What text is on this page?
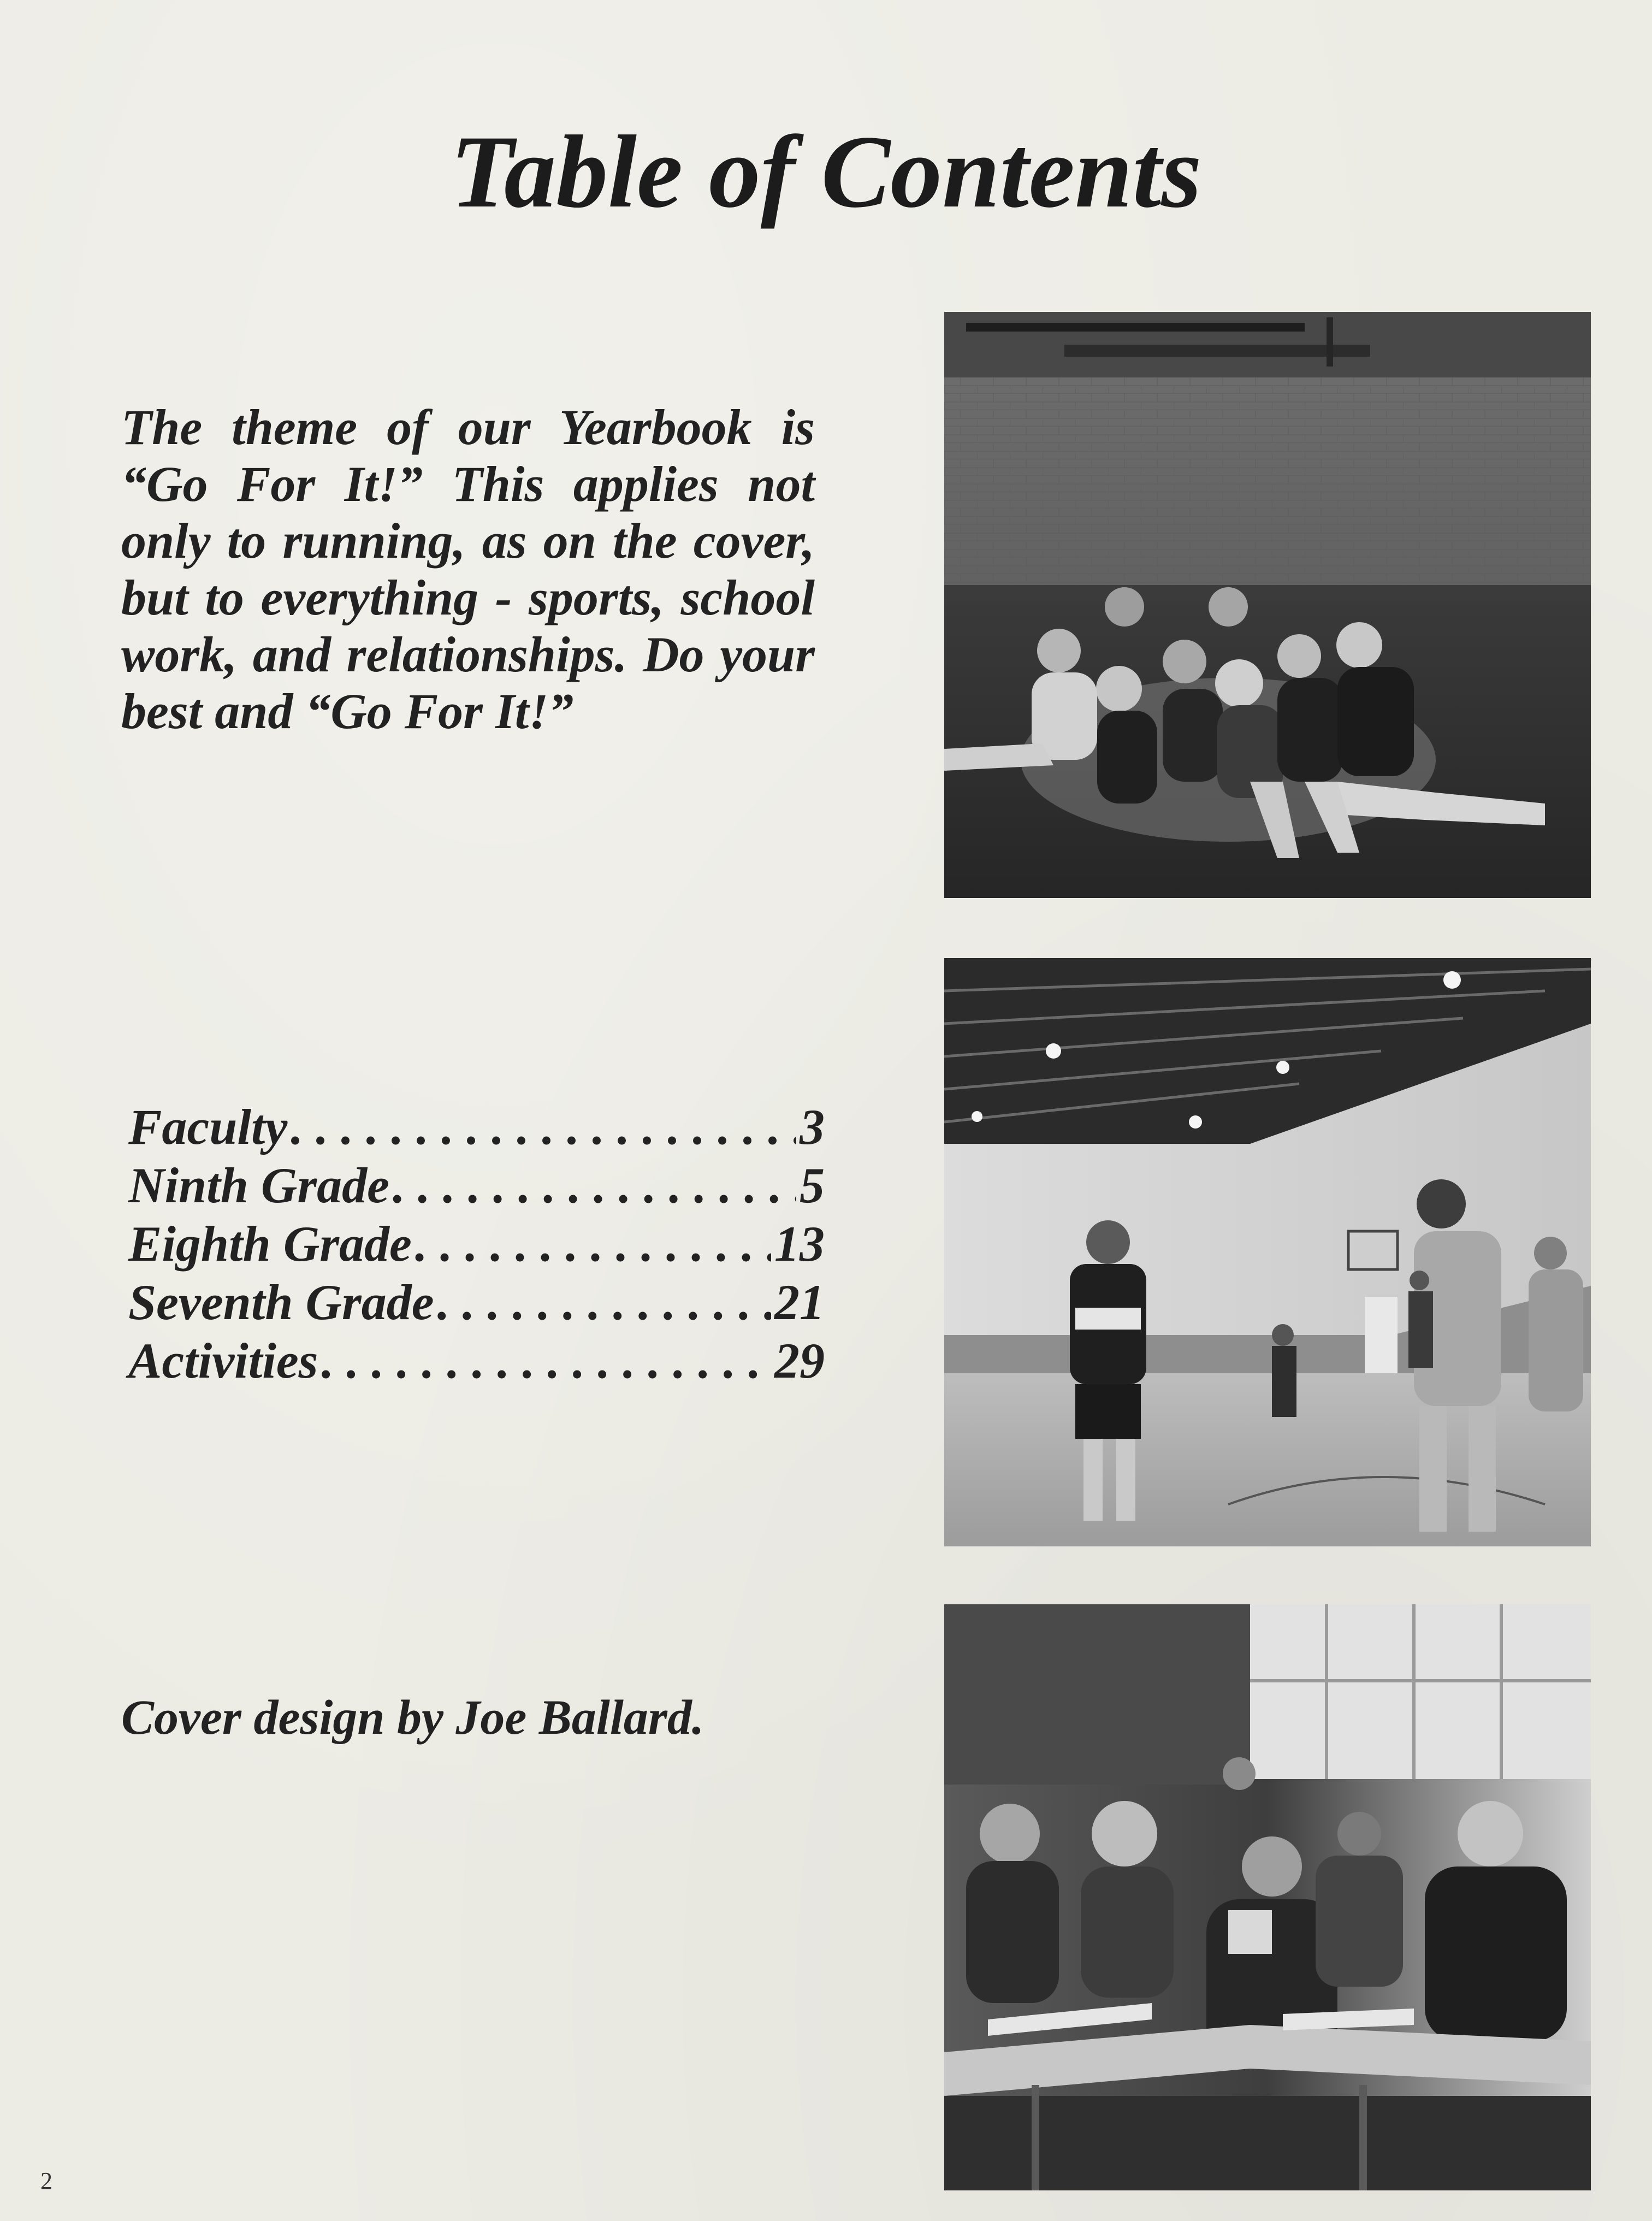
Table of Contents

The theme of our Yearbook is “Go For It!” This applies not only to running, as on the cover, but to everything - sports, school work, and relationships. Do your best and “Go For It!”

Faculty . . .	3
Ninth Grade . . .	5
Eighth Grade . . .	13
Seventh Grade . . .	21
Activities . . .	29

Cover design by Joe Ballard.

2
